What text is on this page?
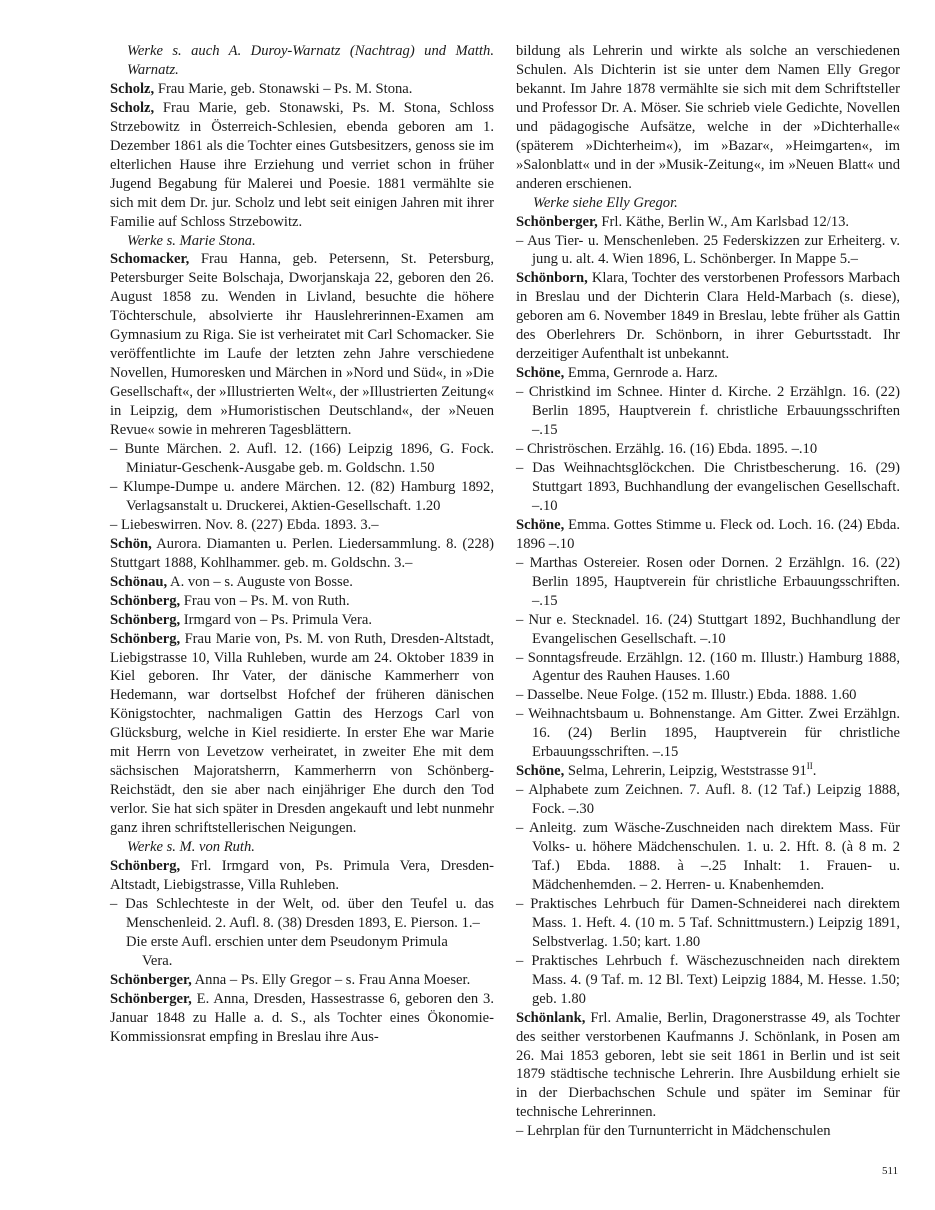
Werke s. auch A. Duroy-Warnatz (Nachtrag) und Matth. Warnatz.

Scholz, Frau Marie, geb. Stonawski – Ps. M. Stona.

Scholz, Frau Marie, geb. Stonawski, Ps. M. Stona, Schloss Strzebowitz in Österreich-Schlesien, ebenda geboren am 1. Dezember 1861 als die Tochter eines Gutsbesitzers, genoss sie im elterlichen Hause ihre Erziehung und verriet schon in früher Jugend Begabung für Malerei und Poesie. 1881 vermählte sie sich mit dem Dr. jur. Scholz und lebt seit einigen Jahren mit ihrer Familie auf Schloss Strzebowitz.

Werke s. Marie Stona.

Schomacker, Frau Hanna, geb. Petersenn, St. Petersburg, Petersburger Seite Bolschaja, Dworjanskaja 22, geboren den 26. August 1858 zu. Wenden in Livland, besuchte die höhere Töchterschule, absolvierte ihr Hauslehrerinnen-Examen am Gymnasium zu Riga. Sie ist verheiratet mit Carl Schomacker. Sie veröffentlichte im Laufe der letzten zehn Jahre verschiedene Novellen, Humoresken und Märchen in »Nord und Süd«, in »Die Gesellschaft«, der »Illustrierten Welt«, der »Illustrierten Zeitung« in Leipzig, dem »Humoristischen Deutschland«, der »Neuen Revue« sowie in mehreren Tagesblättern.

– Bunte Märchen. 2. Aufl. 12. (166) Leipzig 1896, G. Fock. Miniatur-Geschenk-Ausgabe geb. m. Goldschn. 1.50

– Klumpe-Dumpe u. andere Märchen. 12. (82) Hamburg 1892, Verlagsanstalt u. Druckerei, Aktien-Gesellschaft. 1.20

– Liebeswirren. Nov. 8. (227) Ebda. 1893. 3.–

Schön, Aurora. Diamanten u. Perlen. Liedersammlung. 8. (228) Stuttgart 1888, Kohlhammer. geb. m. Goldschn. 3.–

Schönau, A. von – s. Auguste von Bosse.

Schönberg, Frau von – Ps. M. von Ruth.

Schönberg, Irmgard von – Ps. Primula Vera.

Schönberg, Frau Marie von, Ps. M. von Ruth, Dresden-Altstadt, Liebigstrasse 10, Villa Ruhleben, wurde am 24. Oktober 1839 in Kiel geboren. Ihr Vater, der dänische Kammerherr von Hedemann, war dortselbst Hofchef der früheren dänischen Königstochter, nachmaligen Gattin des Herzogs Carl von Glücksburg, welche in Kiel residierte. In erster Ehe war Marie mit Herrn von Levetzow verheiratet, in zweiter Ehe mit dem sächsischen Majoratsherrn, Kammerherrn von Schönberg-Reichstädt, den sie aber nach einjähriger Ehe durch den Tod verlor. Sie hat sich später in Dresden angekauft und lebt nunmehr ganz ihren schriftstellerischen Neigungen.

Werke s. M. von Ruth.

Schönberg, Frl. Irmgard von, Ps. Primula Vera, Dresden-Altstadt, Liebigstrasse, Villa Ruhleben.

– Das Schlechteste in der Welt, od. über den Teufel u. das Menschenleid. 2. Aufl. 8. (38) Dresden 1893, E. Pierson. 1.–

Die erste Aufl. erschien unter dem Pseudonym Primula
Vera.

Schönberger, Anna – Ps. Elly Gregor – s. Frau Anna Moeser.

Schönberger, E. Anna, Dresden, Hassestrasse 6, geboren den 3. Januar 1848 zu Halle a. d. S., als Tochter eines Ökonomie-Kommissionsrat empfing in Breslau ihre Aus-

bildung als Lehrerin und wirkte als solche an verschiedenen Schulen. Als Dichterin ist sie unter dem Namen Elly Gregor bekannt. Im Jahre 1878 vermählte sie sich mit dem Schriftsteller und Professor Dr. A. Möser. Sie schrieb viele Gedichte, Novellen und pädagogische Aufsätze, welche in der »Dichterhalle« (späterem »Dichterheim«), im »Bazar«, »Heimgarten«, im »Salonblatt« und in der »Musik-Zeitung«, im »Neuen Blatt« und anderen erschienen.

Werke siehe Elly Gregor.

Schönberger, Frl. Käthe, Berlin W., Am Karlsbad 12/13.

– Aus Tier- u. Menschenleben. 25 Federskizzen zur Erheiterg. v. jung u. alt. 4. Wien 1896, L. Schönberger. In Mappe 5.–

Schönborn, Klara, Tochter des verstorbenen Professors Marbach in Breslau und der Dichterin Clara Held-Marbach (s. diese), geboren am 6. November 1849 in Breslau, lebte früher als Gattin des Oberlehrers Dr. Schönborn, in ihrer Geburtsstadt. Ihr derzeitiger Aufenthalt ist unbekannt.

Schöne, Emma, Gernrode a. Harz.

– Christkind im Schnee. Hinter d. Kirche. 2 Erzählgn. 16. (22) Berlin 1895, Hauptverein f. christliche Erbauungsschriften –.15

– Christröschen. Erzählg. 16. (16) Ebda. 1895. –.10

– Das Weihnachtsglöckchen. Die Christbescherung. 16. (29) Stuttgart 1893, Buchhandlung der evangelischen Gesellschaft. –.10

Schöne, Emma. Gottes Stimme u. Fleck od. Loch. 16. (24) Ebda. 1896 –.10

– Marthas Ostereier. Rosen oder Dornen. 2 Erzählgn. 16. (22) Berlin 1895, Hauptverein für christliche Erbauungsschriften. –.15

– Nur e. Stecknadel. 16. (24) Stuttgart 1892, Buchhandlung der Evangelischen Gesellschaft. –.10

– Sonntagsfreude. Erzählgn. 12. (160 m. Illustr.) Hamburg 1888, Agentur des Rauhen Hauses. 1.60

– Dasselbe. Neue Folge. (152 m. Illustr.) Ebda. 1888. 1.60

– Weihnachtsbaum u. Bohnenstange. Am Gitter. Zwei Erzählgn. 16. (24) Berlin 1895, Hauptverein für christliche Erbauungsschriften. –.15

Schöne, Selma, Lehrerin, Leipzig, Weststrasse $91^{II}$.

– Alphabete zum Zeichnen. 7. Aufl. 8. (12 Taf.) Leipzig 1888, Fock. –.30

– Anleitg. zum Wäsche-Zuschneiden nach direktem Mass. Für Volks- u. höhere Mädchenschulen. 1. u. 2. Hft. 8. (à 8 m. 2 Taf.) Ebda. 1888. à –.25 Inhalt: 1. Frauen- u. Mädchenhemden. – 2. Herren- u. Knabenhemden.

– Praktisches Lehrbuch für Damen-Schneiderei nach direktem Mass. 1. Heft. 4. (10 m. 5 Taf. Schnittmustern.) Leipzig 1891, Selbstverlag. 1.50; kart. 1.80

– Praktisches Lehrbuch f. Wäschezuschneiden nach direktem Mass. 4. (9 Taf. m. 12 Bl. Text) Leipzig 1884, M. Hesse. 1.50; geb. 1.80

Schönlank, Frl. Amalie, Berlin, Dragonerstrasse 49, als Tochter des seither verstorbenen Kaufmanns J. Schönlank, in Posen am 26. Mai 1853 geboren, lebt sie seit 1861 in Berlin und ist seit 1879 städtische technische Lehrerin. Ihre Ausbildung erhielt sie in der Dierbachschen Schule und später im Seminar für technische Lehrerinnen.

– Lehrplan für den Turnunterricht in Mädchenschulen

511
